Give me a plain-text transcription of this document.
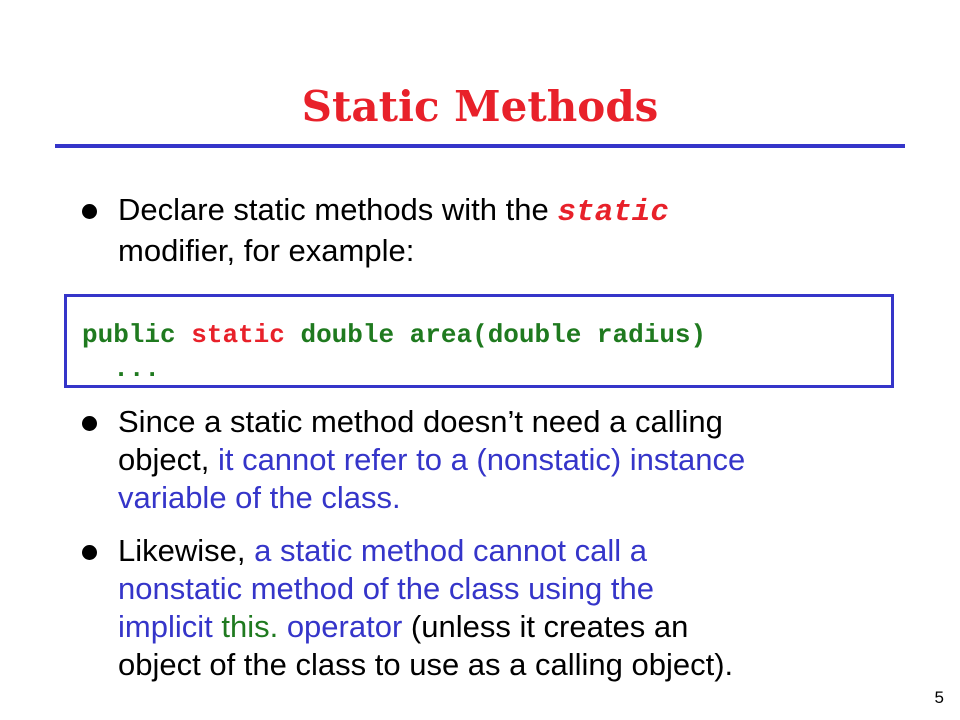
Static Methods
Declare static methods with the static
modifier, for example:
public static double area(double radius)
...
Since a static method doesn’t need a calling
object, it cannot refer to a (nonstatic) instance
variable of the class.
Likewise, a static method cannot call a
nonstatic method of the class using the
implicit this. operator (unless it creates an
object of the class to use as a calling object).
5
